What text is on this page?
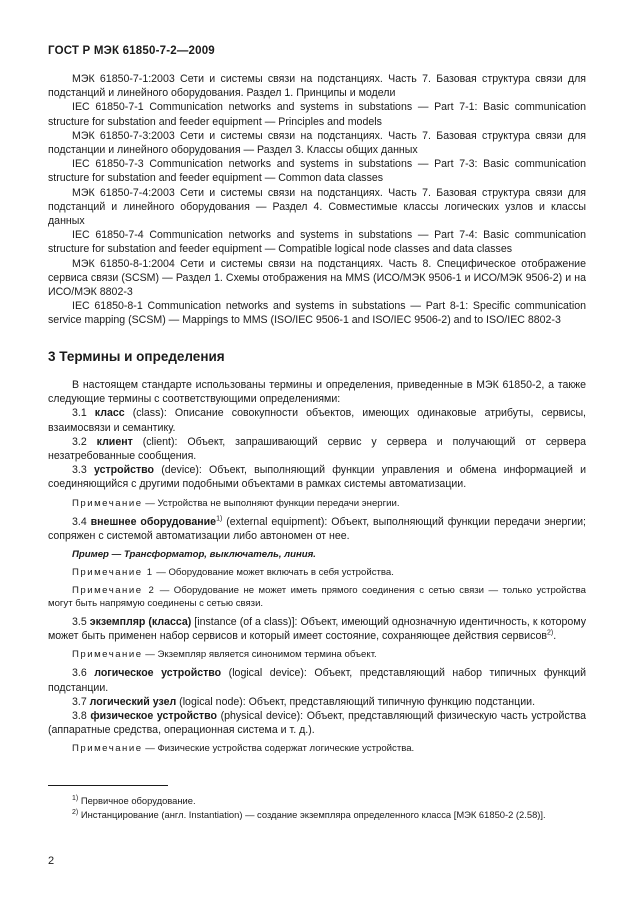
ГОСТ Р МЭК 61850-7-2—2009

МЭК 61850-7-1:2003 Сети и системы связи на подстанциях. Часть 7. Базовая структура связи для подстанций и линейного оборудования. Раздел 1. Принципы и модели

IEC 61850-7-1 Communication networks and systems in substations — Part 7-1: Basic communication structure for substation and feeder equipment — Principles and models

МЭК 61850-7-3:2003 Сети и системы связи на подстанциях. Часть 7. Базовая структура связи для подстанции и линейного оборудования — Раздел 3. Классы общих данных

IEC 61850-7-3 Communication networks and systems in substations — Part 7-3: Basic communication structure for substation and feeder equipment — Common data classes

МЭК 61850-7-4:2003 Сети и системы связи на подстанциях. Часть 7. Базовая структура связи для подстанций и линейного оборудования — Раздел 4. Совместимые классы логических узлов и классы данных

IEC 61850-7-4 Communication networks and systems in substations — Part 7-4: Basic communication structure for substation and feeder equipment — Compatible logical node classes and data classes

МЭК 61850-8-1:2004 Сети и системы связи на подстанциях. Часть 8. Специфическое отображение сервиса связи (SCSM) — Раздел 1. Схемы отображения на MMS (ИСО/МЭК 9506-1 и ИСО/МЭК 9506-2) и на ИСО/МЭК 8802-3

IEC 61850-8-1 Communication networks and systems in substations — Part 8-1: Specific communication service mapping (SCSM) — Mappings to MMS (ISO/IEC 9506-1 and ISO/IEC 9506-2) and to ISO/IEC 8802-3

3 Термины и определения

В настоящем стандарте использованы термины и определения, приведенные в МЭК 61850-2, а также следующие термины с соответствующими определениями:

3.1 класс (class): Описание совокупности объектов, имеющих одинаковые атрибуты, сервисы, взаимосвязи и семантику.

3.2 клиент (client): Объект, запрашивающий сервис у сервера и получающий от сервера незатребованные сообщения.

3.3 устройство (device): Объект, выполняющий функции управления и обмена информацией и соединяющийся с другими подобными объектами в рамках системы автоматизации.

Примечание — Устройства не выполняют функции передачи энергии.

3.4 внешнее оборудование$^{1)}$ (external equipment): Объект, выполняющий функции передачи энергии; сопряжен с системой автоматизации либо автономен от нее.

Пример — Трансформатор, выключатель, линия.

Примечание 1 — Оборудование может включать в себя устройства.

Примечание 2 — Оборудование не может иметь прямого соединения с сетью связи — только устройства могут быть напрямую соединены с сетью связи.

3.5 экземпляр (класса) [instance (of a class)]: Объект, имеющий однозначную идентичность, к которому может быть применен набор сервисов и который имеет состояние, сохраняющее действия сервисов$^{2)}$.

Примечание — Экземпляр является синонимом термина объект.

3.6 логическое устройство (logical device): Объект, представляющий набор типичных функций подстанции.

3.7 логический узел (logical node): Объект, представляющий типичную функцию подстанции.

3.8 физическое устройство (physical device): Объект, представляющий физическую часть устройства (аппаратные средства, операционная система и т. д.).

Примечание — Физические устройства содержат логические устройства.

$^{1)}$ Первичное оборудование.

$^{2)}$ Инстанцирование (англ. Instantiation) — создание экземпляра определенного класса [МЭК 61850-2 (2.58)].

2
